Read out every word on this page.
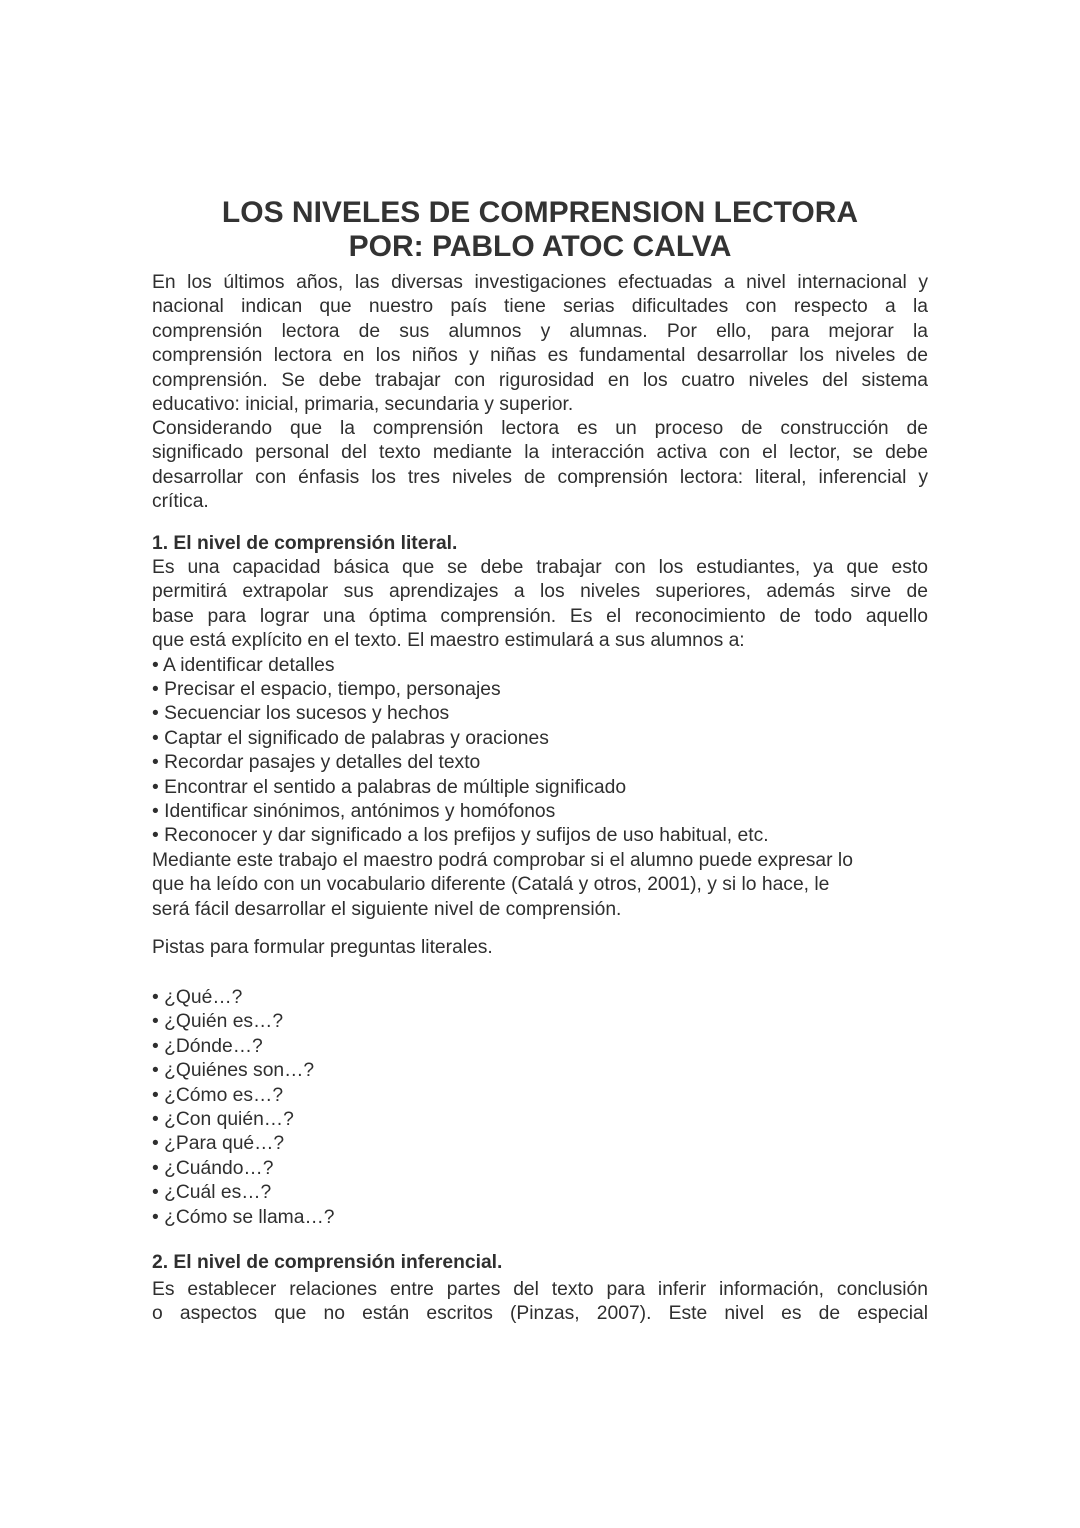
LOS NIVELES DE COMPRENSION LECTORA
POR: PABLO ATOC CALVA
En los últimos años, las diversas investigaciones efectuadas a nivel internacional y
nacional indican que nuestro país tiene serias dificultades con respecto a la
comprensión lectora de sus alumnos y alumnas. Por ello, para mejorar la
comprensión lectora en los niños y niñas es fundamental desarrollar los niveles de
comprensión. Se debe trabajar con rigurosidad en los cuatro niveles del sistema
educativo: inicial, primaria, secundaria y superior.
Considerando que la comprensión lectora es un proceso de construcción de
significado personal del texto mediante la interacción activa con el lector, se debe
desarrollar con énfasis los tres niveles de comprensión lectora: literal, inferencial y
crítica.
1. El nivel de comprensión literal.
Es una capacidad básica que se debe trabajar con los estudiantes, ya que esto
permitirá extrapolar sus aprendizajes a los niveles superiores, además sirve de
base para lograr una óptima comprensión. Es el reconocimiento de todo aquello
que está explícito en el texto. El maestro estimulará a sus alumnos a:
• A identificar detalles
• Precisar el espacio, tiempo, personajes
• Secuenciar los sucesos y hechos
• Captar el significado de palabras y oraciones
• Recordar pasajes y detalles del texto
• Encontrar el sentido a palabras de múltiple significado
• Identificar sinónimos, antónimos y homófonos
• Reconocer y dar significado a los prefijos y sufijos de uso habitual, etc.
Mediante este trabajo el maestro podrá comprobar si el alumno puede expresar lo
que ha leído con un vocabulario diferente (Catalá y otros, 2001), y si lo hace, le
será fácil desarrollar el siguiente nivel de comprensión.
Pistas para formular preguntas literales.
• ¿Qué…?
• ¿Quién es…?
• ¿Dónde…?
• ¿Quiénes son…?
• ¿Cómo es…?
• ¿Con quién…?
• ¿Para qué…?
• ¿Cuándo…?
• ¿Cuál es…?
• ¿Cómo se llama…?
2. El nivel de comprensión inferencial.
Es establecer relaciones entre partes del texto para inferir información, conclusión
o aspectos que no están escritos (Pinzas, 2007). Este nivel es de especial
